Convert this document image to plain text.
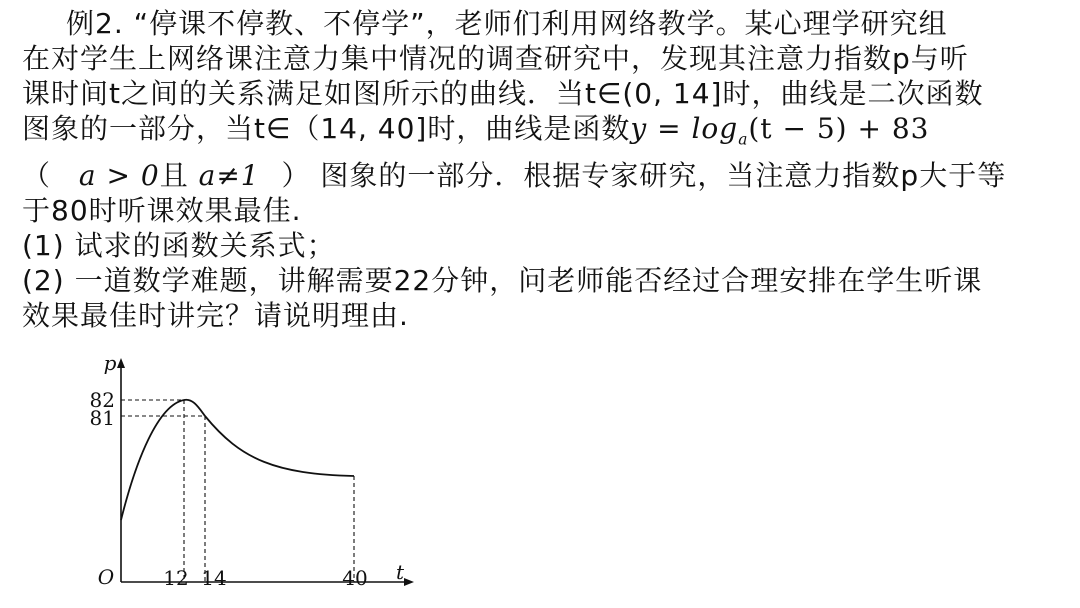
例2. “停课不停教、不停学”，老师们利用网络教学。某心理学研究组

在对学生上网络课注意力集中情况的调查研究中，发现其注意力指数p与听

课时间t之间的关系满足如图所示的曲线．当t∈(0, 14]时，曲线是二次函数

图象的一部分，当t∈（14, 40]时，曲线是函数$y = \log_a(t - 5) + 83$

（ a > 0且 a≠1 ） 图象的一部分．根据专家研究，当注意力指数p大于等

于80时听课效果最佳.

(1) 试求的函数关系式；

(2) 一道数学难题，讲解需要22分钟，问老师能否经过合理安排在学生听课

效果最佳时讲完？请说明理由.

p
t
O
82
81
12 14	40
